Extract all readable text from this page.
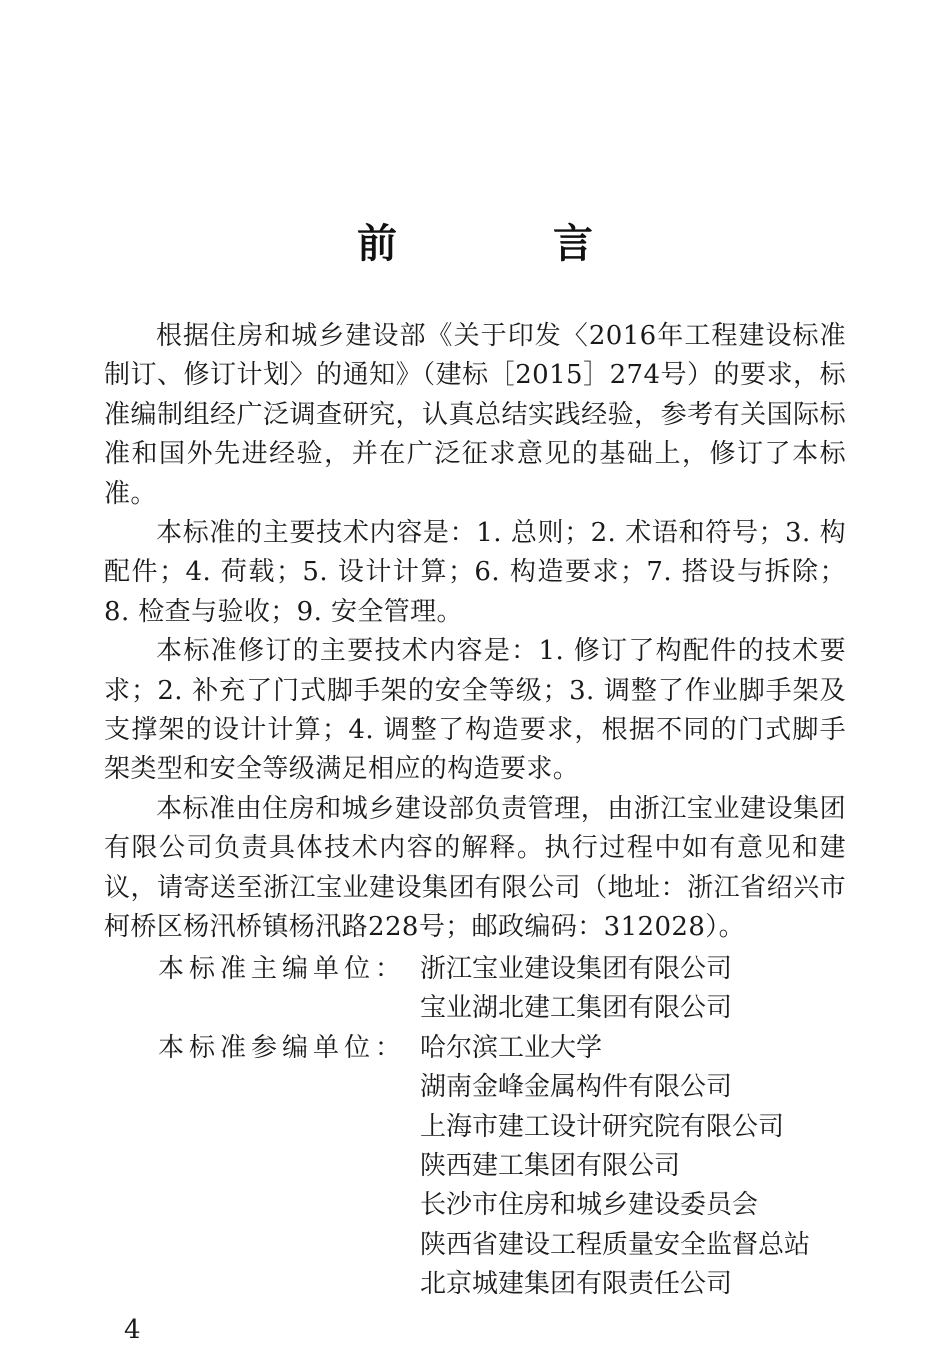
前　言

根据住房和城乡建设部《关于印发〈2016年工程建设标准制订、修订计划〉的通知》（建标［2015］274号）的要求，标准编制组经广泛调查研究，认真总结实践经验，参考有关国际标准和国外先进经验，并在广泛征求意见的基础上，修订了本标准。

本标准的主要技术内容是：1. 总则；2. 术语和符号；3. 构配件；4. 荷载；5. 设计计算；6. 构造要求；7. 搭设与拆除；8. 检查与验收；9. 安全管理。

本标准修订的主要技术内容是：1. 修订了构配件的技术要求；2. 补充了门式脚手架的安全等级；3. 调整了作业脚手架及支撑架的设计计算；4. 调整了构造要求，根据不同的门式脚手架类型和安全等级满足相应的构造要求。

本标准由住房和城乡建设部负责管理，由浙江宝业建设集团有限公司负责具体技术内容的解释。执行过程中如有意见和建议，请寄送至浙江宝业建设集团有限公司（地址：浙江省绍兴市柯桥区杨汛桥镇杨汛路228号；邮政编码：312028）。

本标准主编单位： 浙江宝业建设集团有限公司
宝业湖北建工集团有限公司
本标准参编单位： 哈尔滨工业大学
湖南金峰金属构件有限公司
上海市建工设计研究院有限公司
陕西建工集团有限公司
长沙市住房和城乡建设委员会
陕西省建设工程质量安全监督总站
北京城建集团有限责任公司
4
